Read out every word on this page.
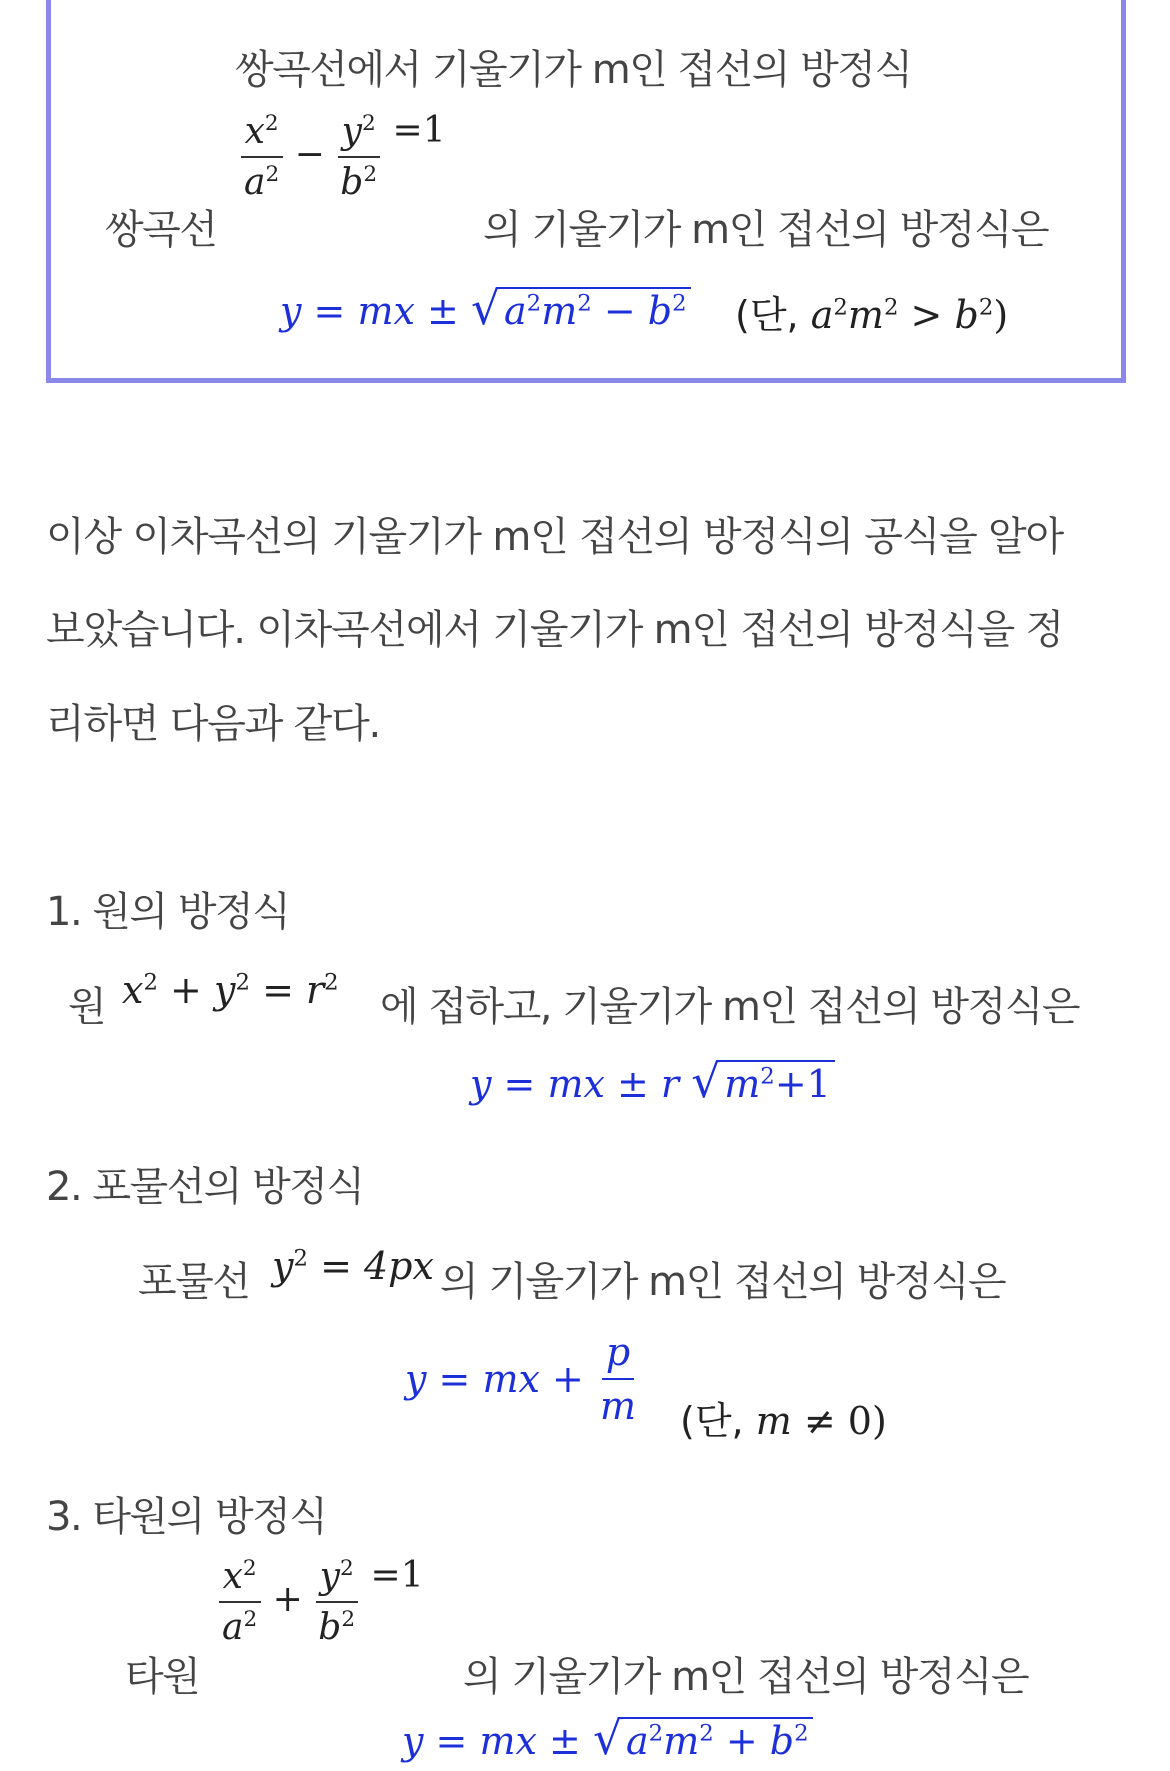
쌍곡선에서 기울기가 m인 접선의 방정식
쌍곡선
$\frac{x^2}{a^2} - \frac{y^2}{b^2} =1$
의 기울기가 m인 접선의 방정식은
y = mx ± √ $a^2m^2 - b^2$ (단, $a^2m^2 > b^2$)
이상 이차곡선의 기울기가 m인 접선의 방정식의 공식을 알아
보았습니다. 이차곡선에서 기울기가 m인 접선의 방정식을 정
리하면 다음과 같다.
1. 원의 방정식
원 $x^2 + y^2 = r^2$
에 접하고, 기울기가 m인 접선의 방정식은
y = mx ± r √ $m^2+1$
2. 포물선의 방정식
포물선 $y^2 = 4px$ 의 기울기가 m인 접선의 방정식은
y = mx + $\frac{p}{m}$ (단, m ≠ 0)
3. 타원의 방정식
타원
$\frac{x^2}{a^2} + \frac{y^2}{b^2} =1$
의 기울기가 m인 접선의 방정식은
y = mx ± √ $a^2m^2 + b^2$
